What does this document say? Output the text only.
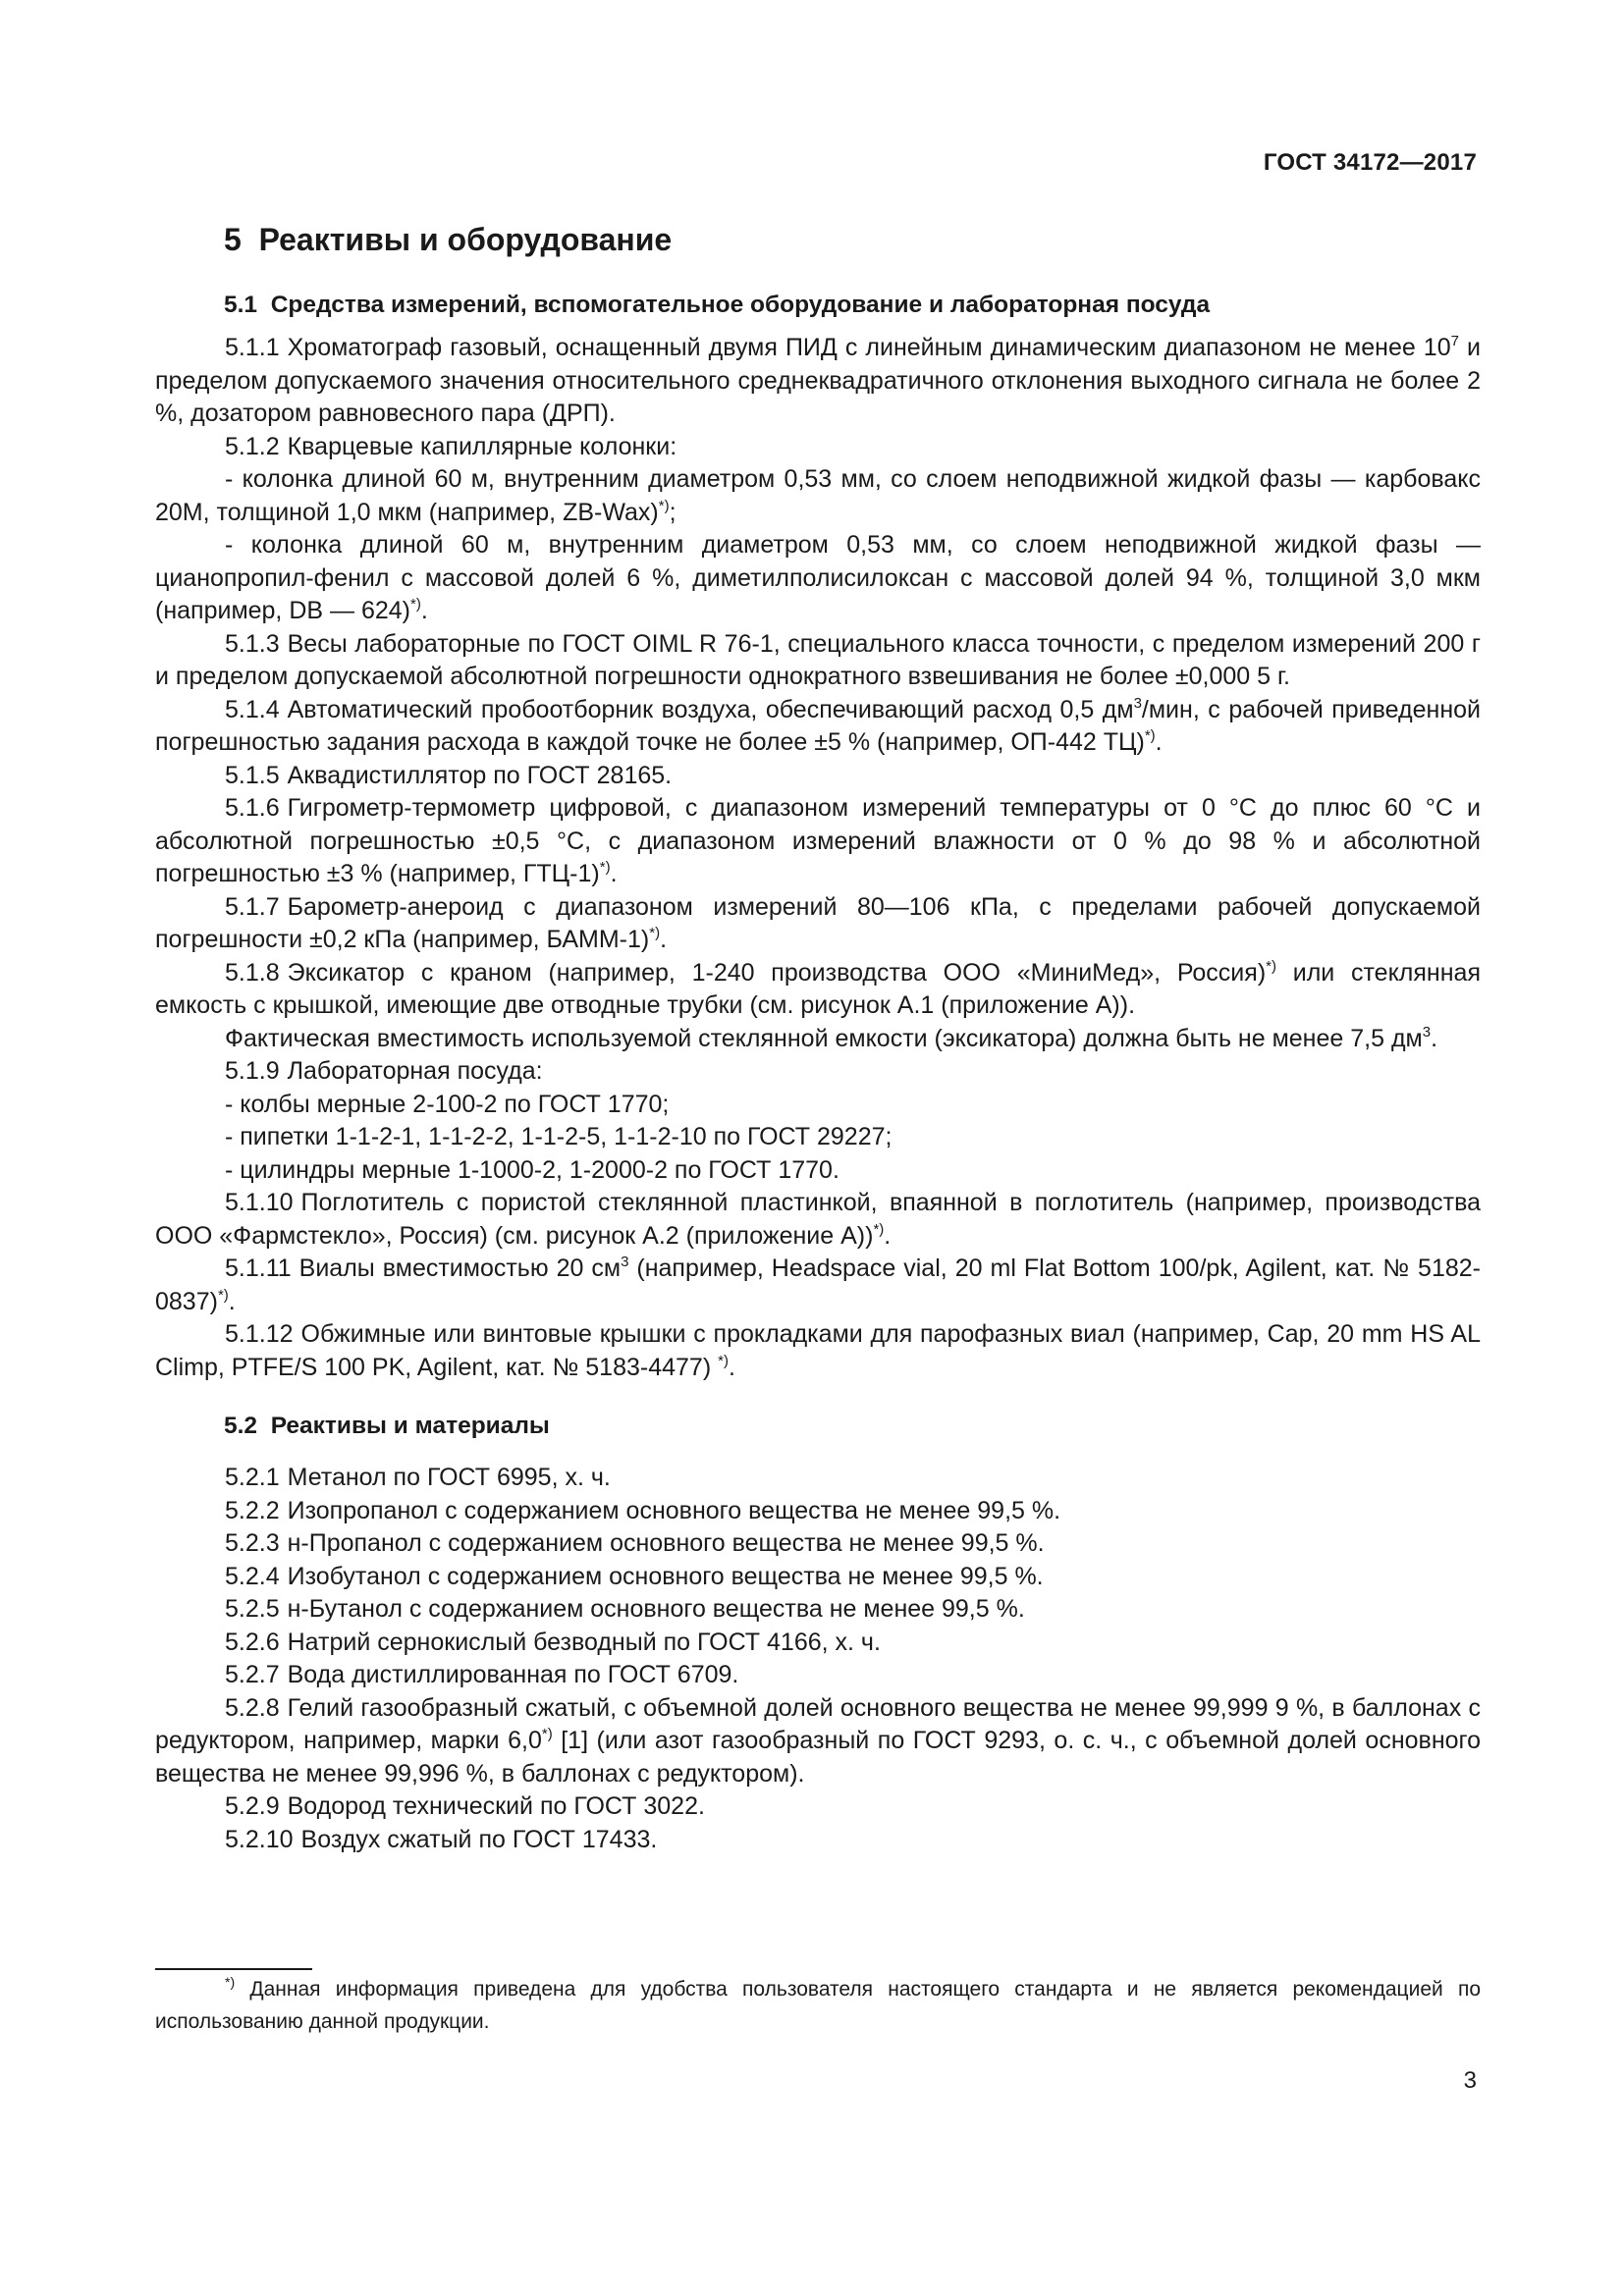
ГОСТ 34172—2017
5 Реактивы и оборудование
5.1 Средства измерений, вспомогательное оборудование и лабораторная посуда

5.1.1 Хроматограф газовый, оснащенный двумя ПИД с линейным динамическим диапазоном не менее $10^7$ и пределом допускаемого значения относительного среднеквадратичного отклонения выходного сигнала не более 2 %, дозатором равновесного пара (ДРП).

5.1.2 Кварцевые капиллярные колонки:

- колонка длиной 60 м, внутренним диаметром 0,53 мм, со слоем неподвижной жидкой фазы — карбовакс 20М, толщиной 1,0 мкм (например, ZB-Wax)*);

- колонка длиной 60 м, внутренним диаметром 0,53 мм, со слоем неподвижной жидкой фазы — цианопропил-фенил с массовой долей 6 %, диметилполисилоксан с массовой долей 94 %, толщиной 3,0 мкм (например, DB — 624)*).

5.1.3 Весы лабораторные по ГОСТ OIML R 76-1, специального класса точности, с пределом измерений 200 г и пределом допускаемой абсолютной погрешности однократного взвешивания не более ±0,000 5 г.

5.1.4 Автоматический пробоотборник воздуха, обеспечивающий расход 0,5 $дм^3$/мин, с рабочей приведенной погрешностью задания расхода в каждой точке не более ±5 % (например, ОП-442 ТЦ)*).

5.1.5 Аквадистиллятор по ГОСТ 28165.

5.1.6 Гигрометр-термометр цифровой, с диапазоном измерений температуры от 0 °С до плюс 60 °С и абсолютной погрешностью ±0,5 °С, с диапазоном измерений влажности от 0 % до 98 % и абсолютной погрешностью ±3 % (например, ГТЦ-1)*).

5.1.7 Барометр-анероид с диапазоном измерений 80—106 кПа, с пределами рабочей допускаемой погрешности ±0,2 кПа (например, БАММ-1)*).

5.1.8 Эксикатор с краном (например, 1-240 производства ООО «МиниМед», Россия)*) или стеклянная емкость с крышкой, имеющие две отводные трубки (см. рисунок А.1 (приложение А)).

Фактическая вместимость используемой стеклянной емкости (эксикатора) должна быть не менее 7,5 $дм^3$.

5.1.9 Лабораторная посуда:

- колбы мерные 2-100-2 по ГОСТ 1770;

- пипетки 1-1-2-1, 1-1-2-2, 1-1-2-5, 1-1-2-10 по ГОСТ 29227;

- цилиндры мерные 1-1000-2, 1-2000-2 по ГОСТ 1770.

5.1.10 Поглотитель с пористой стеклянной пластинкой, впаянной в поглотитель (например, производства ООО «Фармстекло», Россия) (см. рисунок А.2 (приложение А))*).

5.1.11 Виалы вместимостью 20 $см^3$ (например, Headspace vial, 20 ml Flat Bottom 100/pk, Agilent, кат. № 5182-0837)*).

5.1.12 Обжимные или винтовые крышки с прокладками для парофазных виал (например, Cap, 20 mm HS AL Climp, PTFE/S 100 PK, Agilent, кат. № 5183-4477) *).

5.2 Реактивы и материалы

5.2.1 Метанол по ГОСТ 6995, х. ч.

5.2.2 Изопропанол с содержанием основного вещества не менее 99,5 %.

5.2.3 н-Пропанол с содержанием основного вещества не менее 99,5 %.

5.2.4 Изобутанол с содержанием основного вещества не менее 99,5 %.

5.2.5 н-Бутанол с содержанием основного вещества не менее 99,5 %.

5.2.6 Натрий сернокислый безводный по ГОСТ 4166, х. ч.

5.2.7 Вода дистиллированная по ГОСТ 6709.

5.2.8 Гелий газообразный сжатый, с объемной долей основного вещества не менее 99,999 9 %, в баллонах с редуктором, например, марки 6,0*) [1] (или азот газообразный по ГОСТ 9293, о. с. ч., с объемной долей основного вещества не менее 99,996 %, в баллонах с редуктором).

5.2.9 Водород технический по ГОСТ 3022.

5.2.10 Воздух сжатый по ГОСТ 17433.

*) Данная информация приведена для удобства пользователя настоящего стандарта и не является рекомендацией по использованию данной продукции.
3
